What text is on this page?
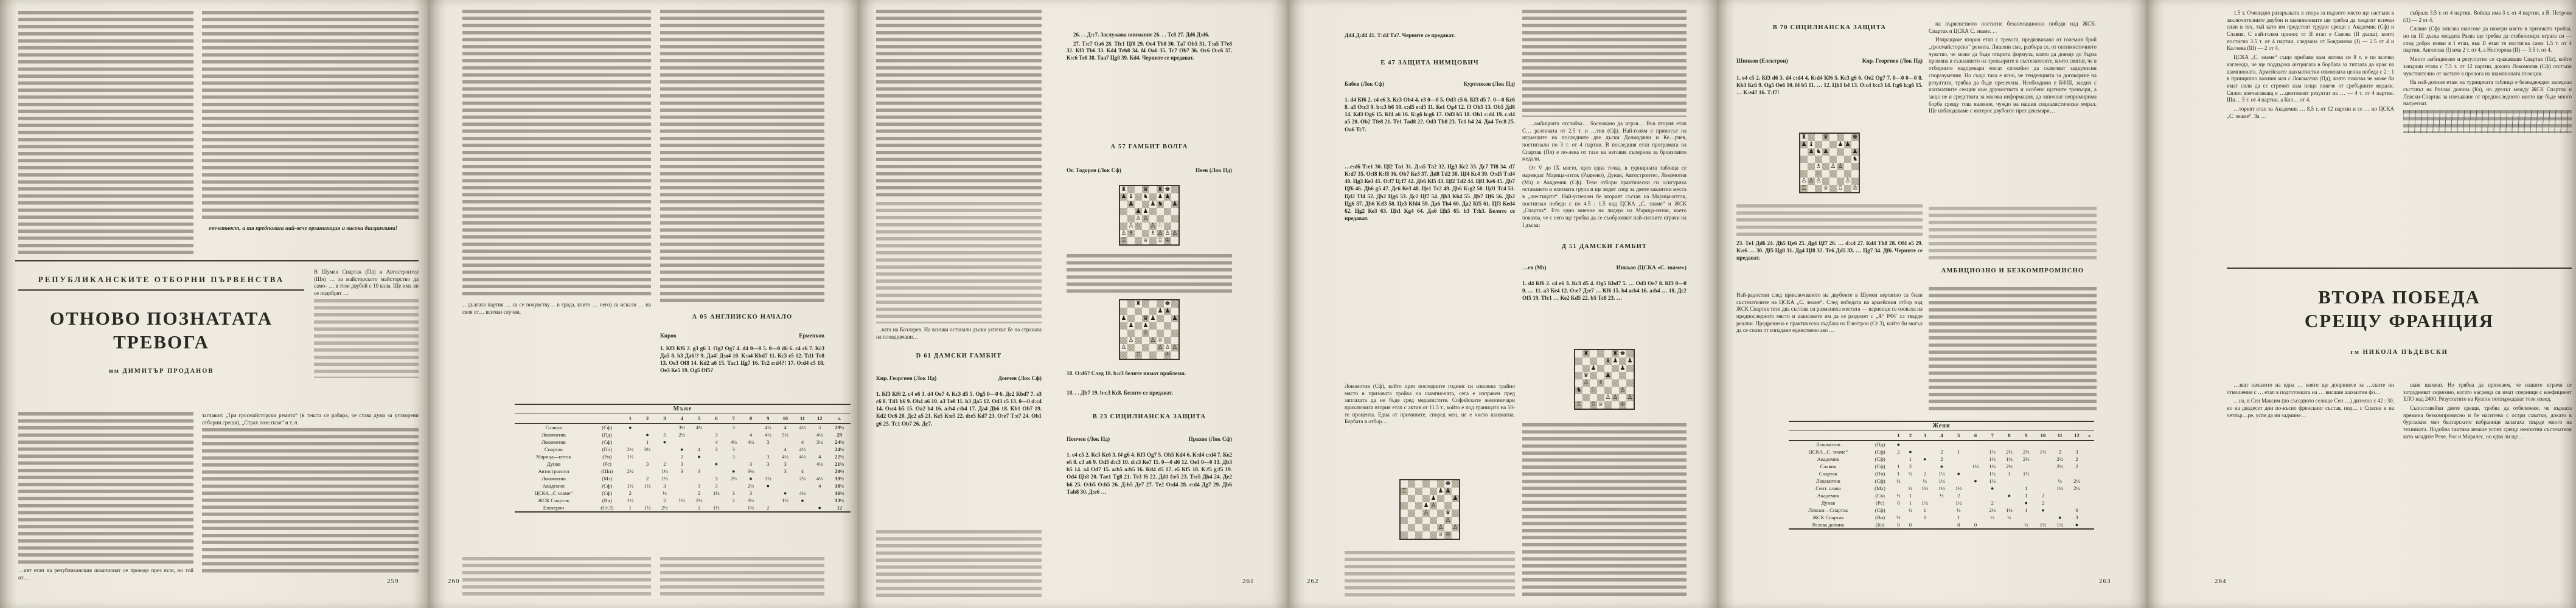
отчетност, а тя предполага най-вече организация и висока дисциплина!

РЕПУБЛИКАНСКИТЕ ОТБОРНИ ПЪРВЕНСТВА
ОТНОВО ПОЗНАТАТА
ТРЕВОГА
мм ДИМИТЪР ПРОДАНОВ

В Шумен Спартак (Пл) и Автостроител (Шн) … за майсторското майсторство да само- … в този двубой с 10 кола. Ще има ли се подобрят …

…ият етап на републиканския шампионат се проведе през юли, но той от…

заглавия: „Три гросмайсторски ремита“ (в текста се рабира, че става дума за уговорени отборни срещи), „Страх лозе пази“ и т. н.

259

…дългата партия … са се почувству… в града, които … него) са искали … на своя от… всички случаи,

А 05 АНГЛИЙСКО НАЧАЛО
Киров	Ерменков
1. Кf3 Кf6 2. g3 g6 3. Оg2 Оg7 4. d4 0—0 5. 0—0 d6 6. с4 с6 7. Кс3 Да5 8. h3 Да6!? 9. Да4! Д:а4 10. К:а4 Кbd7 11. Кс3 е5 12. Тd1 Те8 13. Ое3 Оf8 14. Кd2 а6 15. Тас1 Цg7 16. Тс2 е:d4?! 17. О:d4 с5 18. Ое3 Ке5 19. Оg5 Оf5?
Мъже														
		1	2	3	4	5	6	7	8	9	10	11	12	т.
Славия	(Сф)	●			3½	4½		3		4½	4	4½	5	29½
Локомотив	(Пд)		●	5	2½		3		4	4½	5½		4½	29
Локомотив	(Сф)		1	●			4	4½	4½	3		4	3½	24½
Спартак	(Пл)	2½	3½		●	4	3	3			4	4½		24½
Марица—изток	(Рн)	1½			2	●		3		3	4½	4½	4	22½
Дунав	(Рс)		3	2	3		●		3	3	3		4½	21½
Автостроител	(Шн)	2½		1½	3	3		●	3½		3	4		20½
Локомотив	(Мз)		2	1½			3	2½	●	3½		2½	4½	19½
Академик	(Сф)	1½	1½	3		3	3		2½	●			4	18½
ЦСКА „С знаме“	(Сф)	2		½		2	1½	3	3		●	4½		16½
ЖСК Спартак	(Вн)	1½		2	1½	1½		2	3½		1½	●		13½
Електрон	(Ст.З)	1	1½	2½		2	1½		1½	2			●	12
260

…вата на Козларев. На всички останали дъски успехът бе на страната на пловдивчани…

D 61 ДАМСКИ ГАМБИТ
Кир. Георгиев (Лок Пд)	Дончев (Лок Сф)
1. Кf3 Кf6 2. с4 е6 3. d4 Ое7 4. Кс3 d5 5. Оg5 0—0 6. Дс2 Кbd7 7. е3 с6 8. Тd1 h6 9. Оh4 а6 10. а3 Те8 11. h3 Да5 12. Оd3 с5 13. 0—0 d:с4 14. О:с4 b5 15. Оа2 b4 16. а:b4 с:b4 17. Да4 Дb6 18. Кb1 Оb7 19. Кd2 Ос6 20. Дс2 а5 21. Ке5 К:е5 22. d:е5 Кd7 23. О:е7 Т:е7 24. Оb1 g6 25. Тс1 Оb7 26. Дс7.

26. . . Д:с7. Заслужава внимание 26. . . Тс8 27. Дd6 Д:d6.

27. Т:с7 Оа6 28. Тfс1 Цf8 29. Ое4 Тb8 30. Та7 Оb5 31. Т:а5 Т7е8 32. Кf3 Тb6 33. Кd4 Теb8 34. f4 Оа6 35. Тс7 Оb7 36. Ос6 О:с6 37. К:с6 Те8 38. Таа7 Цg8 39. Кd4. Черните се предават.

А 57 ГАМБИТ ВОЛГА
Ог. Тодоров (Лок Сф)	Пеев (Лок Пд)
♜			♛		♜	♚	
♟	♝		♞		♟	♟	
	♟			♟	♞		♟
		♟	♟				
		♙	♙				
	♙	♘		♙	♘		
♙	♗			♗	♙	♙	♙
♖			♕		♖	♔	
		♜				♚	
					♟	♟	
♟			♛	♟			♟
	♟		♟				
			♙				
	♙			♙	♕		
♙					♙	♙	♙
		♖				♔	
18. О:d6? След 18. b:с3 белите нямат проблеми.
18. . . Дb7 19. b:с3 Кс8. Белите се предават.
В 23 СИЦИЛИАНСКА ЗАЩИТА
Попчев (Лок Пд)	Прахов (Лок Сф)
1. е4 с5 2. Кс3 Кс6 3. f4 g6 4. Кf3 Оg7 5. Оb5 Кd4 6. К:d4 с:d4 7. Ке2 е6 8. с3 а6 9. Оd3 d:с3 10. d:с3 Ке7 11. 0—0 d6 12. Ое3 0—0 13. Дb3 b5 14. а4 Оd7 15. а:b5 а:b5 16. Кd4 d5 17. е5 Кf5 18. К:f5 g:f5 19. Оd4 Цh8 20. Тае1 Тg8 21. Те3 f6 22. Дd1 f:е5 23. Т:е5 Дh4 24. Де2 h6 25. О:b5 О:b5 26. Д:b5 Де7 27. Те2 О:d4 28. с:d4 Дg7 29. Дb6 Таb8 30. Д:е6 …
261
Дd4 Д:d4 41. Т:d4 Та7. Черните се предават.
Е 47 ЗАЩИТА НИМЦОВИЧ
Бабев (Лок Сф)	Куртенков (Лок Пд)
1. d4 Кf6 2. с4 е6 3. Кс3 Оb4 4. е3 0—0 5. Оd3 с5 6. Кf3 d5 7. 0—0 Кс6 8. а3 О:с3 9. b:с3 b6 10. с:d5 е:d5 11. Ке1 Оg4 12. f3 Оh5 13. Оb5 Дd6 14. Кd3 Оg6 15. Кf4 а6 16. К:g6 h:g6 17. Оd3 b5 18. Оb1 с:d4 19. с:d4 а5 20. Оb2 Тfе8 21. Те1 Таd8 22. Оd3 Тb8 23. Тс1 b4 24. Да4 Тес8 25. Оа6 Тс7.
…е:d6 Т:е1 30. Цf2 Та1 31. Д:а5 Та2 32. Цg3 Кс2 33. Дс7 Тf8 34. d7 К:d7 35. О:f8 К:f8 36. Оb7 Ке3 37. Дd8 Тd2 38. Цf4 Кс4 39. О:d5 Т:d4 40. Цg3 Ке3 41. О:f7 Ц:f7 42. Дb6 Кf5 43. Цf2 Тd2 44. Цf1 Ке6 45. Дb7 Цf6 46. Дb6 g5 47. Дс6 Ке3 48. Це1 Тс2 49. Дb6 К:g2 50. Цd1 Тс4 51. Цd2 Тf4 52. Дb2 Цg6 53. Дс2 Цf7 54. Дb3 Кh4 55. Дb7 Цf6 56. Дb2 Цg6 57. Дb6 К:f3 58. Це3 Кfd4 59. Да6 Тh4 60. Да2 Кf5 61. Цf3 Кеd4 62. Цg2 Ке3 63. Цh1 Кg4 64. Да6 Цh5 65. h3 Т:h3. Белите се предават.

Локомотив (Сф), който през последните години си извоюва трайно място в призовата тройка на шампионата, сега е изправен пред заплахата да не бъде сред медалистите. Софийските железничари приключиха втория етап с актив от 11.5 т., който е под границата на 50-те процента. Една от причините, според мен, не е чисто шахматна. Борбата в отбор…

						♚	
♖					♟	♟	
				♟			♟
			♟	♙			
			♙			♛	
						♙	
					♙		♙
					♕	♔	

…амбицията отслабва… босновано да играя… Във втория етап С… разликата от 2.5 т. и …тив (Сф). Най-голям е приносът на играещите на последните две дъски Долмаджян и Ке…рчев, постигнали по 3 т. от 4 партии. В последния етап програмата на Спартак (Пл) е по-лека от тази на неговия съперник за бронзовите медали.

От V до IX място, през една точка, в турнирната таблица се нареждат Марица-изток (Раднево), Дунав, Автостроител, Локомотив (Мз) и Академик (Сф). Тези отбори практически си осигуриха оставането в елитната група и ще водят спор за двете вакантни места в „шестицата“. Най-успешен бе вторият състав на Марица-изток, постигнал победи с по 4.5 : 1.5 над ЦСКА „С. знаме“ и ЖСК „Спартак“. Ето едно мнение на лидера на Марица-изток, което показва, че с него ще трябва да се съобразяват най-силните играчи на I дъска:

Д 51 ДАМСКИ ГАМБИТ
…ев (Мз)	Инкьов (ЦСКА «С. знаме»)
1. d4 Кf6 2. с4 е6 3. Кс3 d5 4. Оg5 Кbd7 5. … Оd3 Ое7 8. Кf3 0—0 9. … 11. а3 Ке4 12. О:е7 Д:е7 … Кf6 15. b4 а:b4 16. а:b4 … 18. Дс2 Оf5 19. Тfс1 … Ке2 Кd5 22. b5 Тс8 23. …
	♜				♜	♚	
				♝	♟		♟
		♟				♟	
	♛			♟			
	♙		♗				
♞		♘				♙	
				♙	♙		♙
♖		♖	♕			♔	
262
В 70 СИЦИЛИАНСКА ЗАЩИТА
Шипков (Електрон)	Кир. Георгиев (Лок Пд)
1. е4 с5 2. Кf3 d6 3. d4 с:d4 4. К:d4 Кf6 5. Кс3 g6 6. Ое2 Оg7 7. 0—0 0—0 8. Кb3 Кс6 9. Оg5 Ое6 10. f4 b5 11. … 12. Цh1 b4 13. О:с4 b:с3 14. f:g6 h:g6 15. … К:е4? 16. Т:f7!
♜			♛				♚
♟	♝				♟	♟	
	♟	♞	♟				♟
							♞
		♗		♙	♙		
		♘					
♙	♙	♙				♙	
♖			♕		♖		♔
23. Те1 Дd6 24. Дh5 Це6 25. Дg4 Цf7 26. … d:с4 27. Кd4 Тh8 28. Оf4 е5 29. К:е6 … 30. Дf5 Цg8 31. Дg4 Цf8 32. Те6 Дd5 33. … Цg7 34. Дf6. Черните се предават.

Най-радостни след приключването на двубоите в Шумен вероятно са били състезателите на ЦСКА „С. знаме“. След победата на армейския отбор над ЖСК Спартак тези два състава си размениха местата — варненци се озоваха на предпоследното място и шансовете им да се разделят с „А“ РФГ са твърде реални. Предрешена е практически съдбата на Електрон (Ст 3), който би могъл да се спази от изпадане единствено ако …

на първенството постигне безапелационни победи над ЖСК-Спартак и ЦСКА С. знаме. . .

Изпращаме втория етап с тревога, предизвикана от големия брой „гросмайсторски“ ремита. Лишени сме, разбира се, от оптимистичното чувство, че може да бъде открита формула, която да доведе до бърза промяна в съзнанието на треньорите и състезателите, които смятат, че в отборните надпревари могат спокойно да сключват задкулисни споразумения. Но също така е ясно, че тенденцията за договаряне на резултати, трябва да бъде пресечена. Необходимо е БФШ, заедно с шахматните секции към дружествата и особено щатните треньори, а защо не и средствата за масова информация, да започнат непримирима борба срещу това явление, чуждо на нашия социалистически морал. Ще наблюдаваме с интерес двубоите през декември…

АМБИЦИОЗНО И БЕЗКОМПРОМИСНО
Жени														
		1	2	3	4	5	6	7	8	9	10	11	12	т.
Локомотив	(Пд)	●												
ЦСКА „С. знаме“	(Сф)	2	●		2	1		1½	2½	2½	1½	2	3	
Академик	(Сф)		1	●	2			1½	1½	2½		2½	2	
Славия	(Сф)	1	2		●		1½	1½	2½			2½	2	
Спартак	(Пл)	1	½	2	1½	●		1½	1	1½				
Локомотив	(Сф)	½		½	1½		●	1½				½	2½	
Септ. слава	(Мх)		½	1½	1½	1½		●		1		1½	2½	
Академик	(Св)	½	1		½	2			●	1	2			
Дунав	(Рс)	0	1	1½		1½		2		●	2			
Левски—Спартак	(Сф)		½	1		½		2½	1½	1	●		0	
ЖСК Спартак	(Вн)	½		0		1		½	½			●	3	
Розова долина	(Кз)	0	0			0	0			½	1½	1½	●	
263

1.5 т. Очевидно развръзката в спора за първото място ще настъпи в заключителните двубои и шампионките ще трябва да хвърлят всички сили в тях, тъй като им предстоят трудни срещи с Академик (Сф) и Славия. С най-голям принос от II етап е Савова (II дъска), която постигна 3.5 т. от 4 партии, следвана от Бояджиева (I) — 2.5 от 4 и Калчева (III) — 2 от 4.

ЦСКА „С. знаме“ също прибави към актива си 8 т. и по всичко изглежда, че ще поддържа интригата в борбата за титлата до края на шампионата. Армейските шахматистки извоюваха ценна победа с 2 : 1 в принципно важния мач с Локомотив (Пд), която показва че може би имат сили да се стремят към нещо повече от сребърните медали. Силно впечатляващ е …центовият резултат на … — 4 т. от 4 партии. Ши… 5 т. от 4 партии, а Кол… от 4.

…торият етап за Академик … 8.5 т. от 12 партии и се … но ЦСКА „С. знаме“. За …

събрала 3.5 т. от 4 партии. Войска има 3 т. от 4 партии, а В. Петрова (II) — 2 от 4.

Славия (Сф) запазва шансове да намери място в призовата тройка, но на III дъска младата Раева ще трябва да стабилизира играта си — след добри изяви в I етап, във II етап тя постигна само 1.5 т. от 4 партии. Ангелова (I) има 2 т. от 4, а Несторова (II) — 3.5 т. от 4.

Много амбициозно и резултатно се сражаваше Спартак (Пл), който завърши етапа с 7.5 т. от 12 партии, докато Локомотив (Сф) отстъпи чувствително от заетите в пролога на шампионата позиции.

На най-долния етаж на турнирната таблица е безнадеждно заседнал съставът на Розова долина (Кз), но дуелът между ЖСК Спартак и Левски-Спартак за измъкване от предпоследното място ще бъде много напрегнат.

ВТОРА ПОБЕДА
СРЕЩУ ФРАНЦИЯ
гм НИКОЛА ПЪДЕВСКИ

…зват началото на една … която ще допринесе за …ските ни отношения с … етап в подготовката на … висшия шахматен фо…

…на, в Сен Максим (по съседното селище Сен …) дително с 42 : 30, но на двадесет дни по-късно френският състав, под… с Спаски и на четвър…ре, успя да ни задмине…

ския шахмат. Но трябва да признаем, че нашите играчи се затрудняват сериозно, когато насреща си имат сперници с коефициент ЕЛО над 2400. Резултатите на Куатли потвърждават този извод.

Съпоставяйки двете срещи, трябва да отбележим, че първата премина безкомпромисно и бе наситена с остри схватки, докато в бургаския мач българските избраници залагаха твърде много на техниката. Подобна тактика имаше успех срещу неопитни състезатели като младите Рене, Рос и Миралес, но едва ли ще…

264
